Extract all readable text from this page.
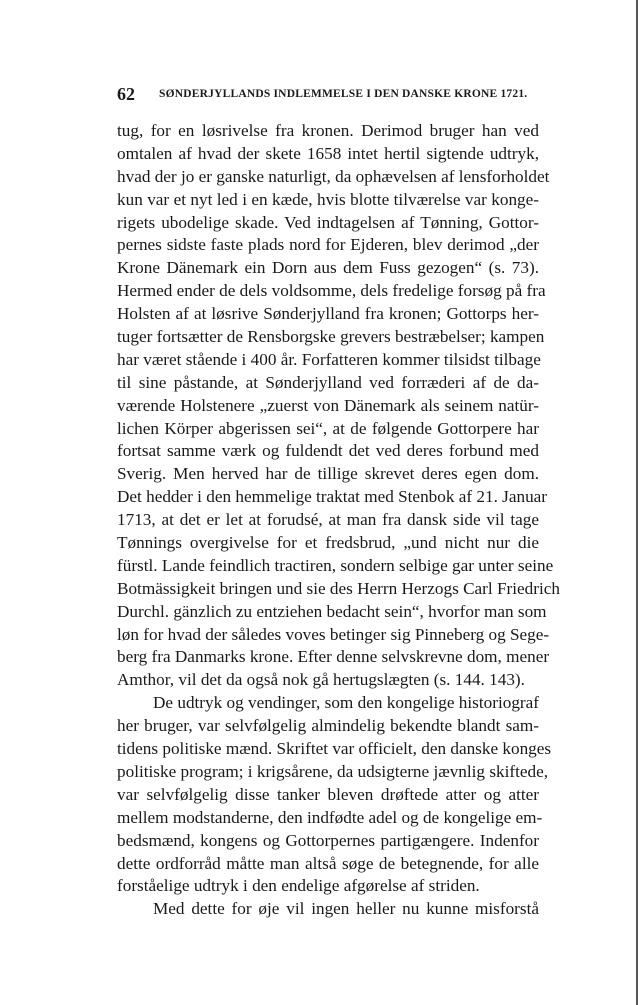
62 SØNDERJYLLANDS INDLEMMELSE I DEN DANSKE KRONE 1721.
tug, for en løsrivelse fra kronen. Derimod bruger han ved
omtalen af hvad der skete 1658 intet hertil sigtende udtryk,
hvad der jo er ganske naturligt, da ophævelsen af lensforholdet
kun var et nyt led i en kæde, hvis blotte tilværelse var konge-
rigets ubodelige skade. Ved indtagelsen af Tønning, Gottor-
pernes sidste faste plads nord for Ejderen, blev derimod „der
Krone Dänemark ein Dorn aus dem Fuss gezogen“ (s. 73).
Hermed ender de dels voldsomme, dels fredelige forsøg på fra
Holsten af at løsrive Sønderjylland fra kronen; Gottorps her-
tuger fortsætter de Rensborgske grevers bestræbelser; kampen
har været stående i 400 år. Forfatteren kommer tilsidst tilbage
til sine påstande, at Sønderjylland ved forræderi af de da-
værende Holstenere „zuerst von Dänemark als seinem natür-
lichen Körper abgerissen sei“, at de følgende Gottorpere har
fortsat samme værk og fuldendt det ved deres forbund med
Sverig. Men herved har de tillige skrevet deres egen dom.
Det hedder i den hemmelige traktat med Stenbok af 21. Januar
1713, at det er let at forudsé, at man fra dansk side vil tage
Tønnings overgivelse for et fredsbrud, „und nicht nur die
fürstl. Lande feindlich tractiren, sondern selbige gar unter seine
Botmässigkeit bringen und sie des Herrn Herzogs Carl Friedrich
Durchl. gänzlich zu entziehen bedacht sein“, hvorfor man som
løn for hvad der således voves betinger sig Pinneberg og Sege-
berg fra Danmarks krone. Efter denne selvskrevne dom, mener
Amthor, vil det da også nok gå hertugslægten (s. 144. 143).
De udtryk og vendinger, som den kongelige historiograf
her bruger, var selvfølgelig almindelig bekendte blandt sam-
tidens politiske mænd. Skriftet var officielt, den danske konges
politiske program; i krigsårene, da udsigterne jævnlig skiftede,
var selvfølgelig disse tanker bleven drøftede atter og atter
mellem modstanderne, den indfødte adel og de kongelige em-
bedsmænd, kongens og Gottorpernes partigængere. Indenfor
dette ordforråd måtte man altså søge de betegnende, for alle
forståelige udtryk i den endelige afgørelse af striden.
Med dette for øje vil ingen heller nu kunne misforstå
